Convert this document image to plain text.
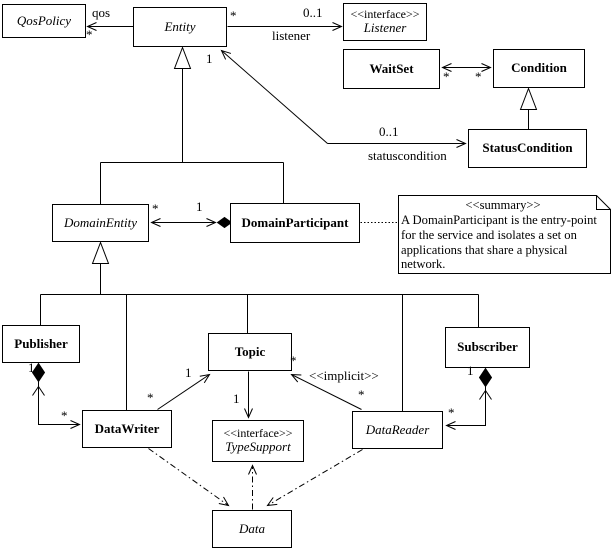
QosPolicy	Entity
<<interface>>
Listener
WaitSet	Condition
StatusCondition
DomainEntity	DomainParticipant
Publisher
Topic	Subscriber
DataWriter	<<interface>>
TypeSupport
DataReader
Data
<<summary>>
A DomainParticipant is the entry-point
for the service and isolates a set on
applications that share a physical
network.
qos
*
*	0..1
listener
1
0..1
statuscondition
* *
*	1
1
*
1
*
1
*	1
*
<<implicit>>
*
